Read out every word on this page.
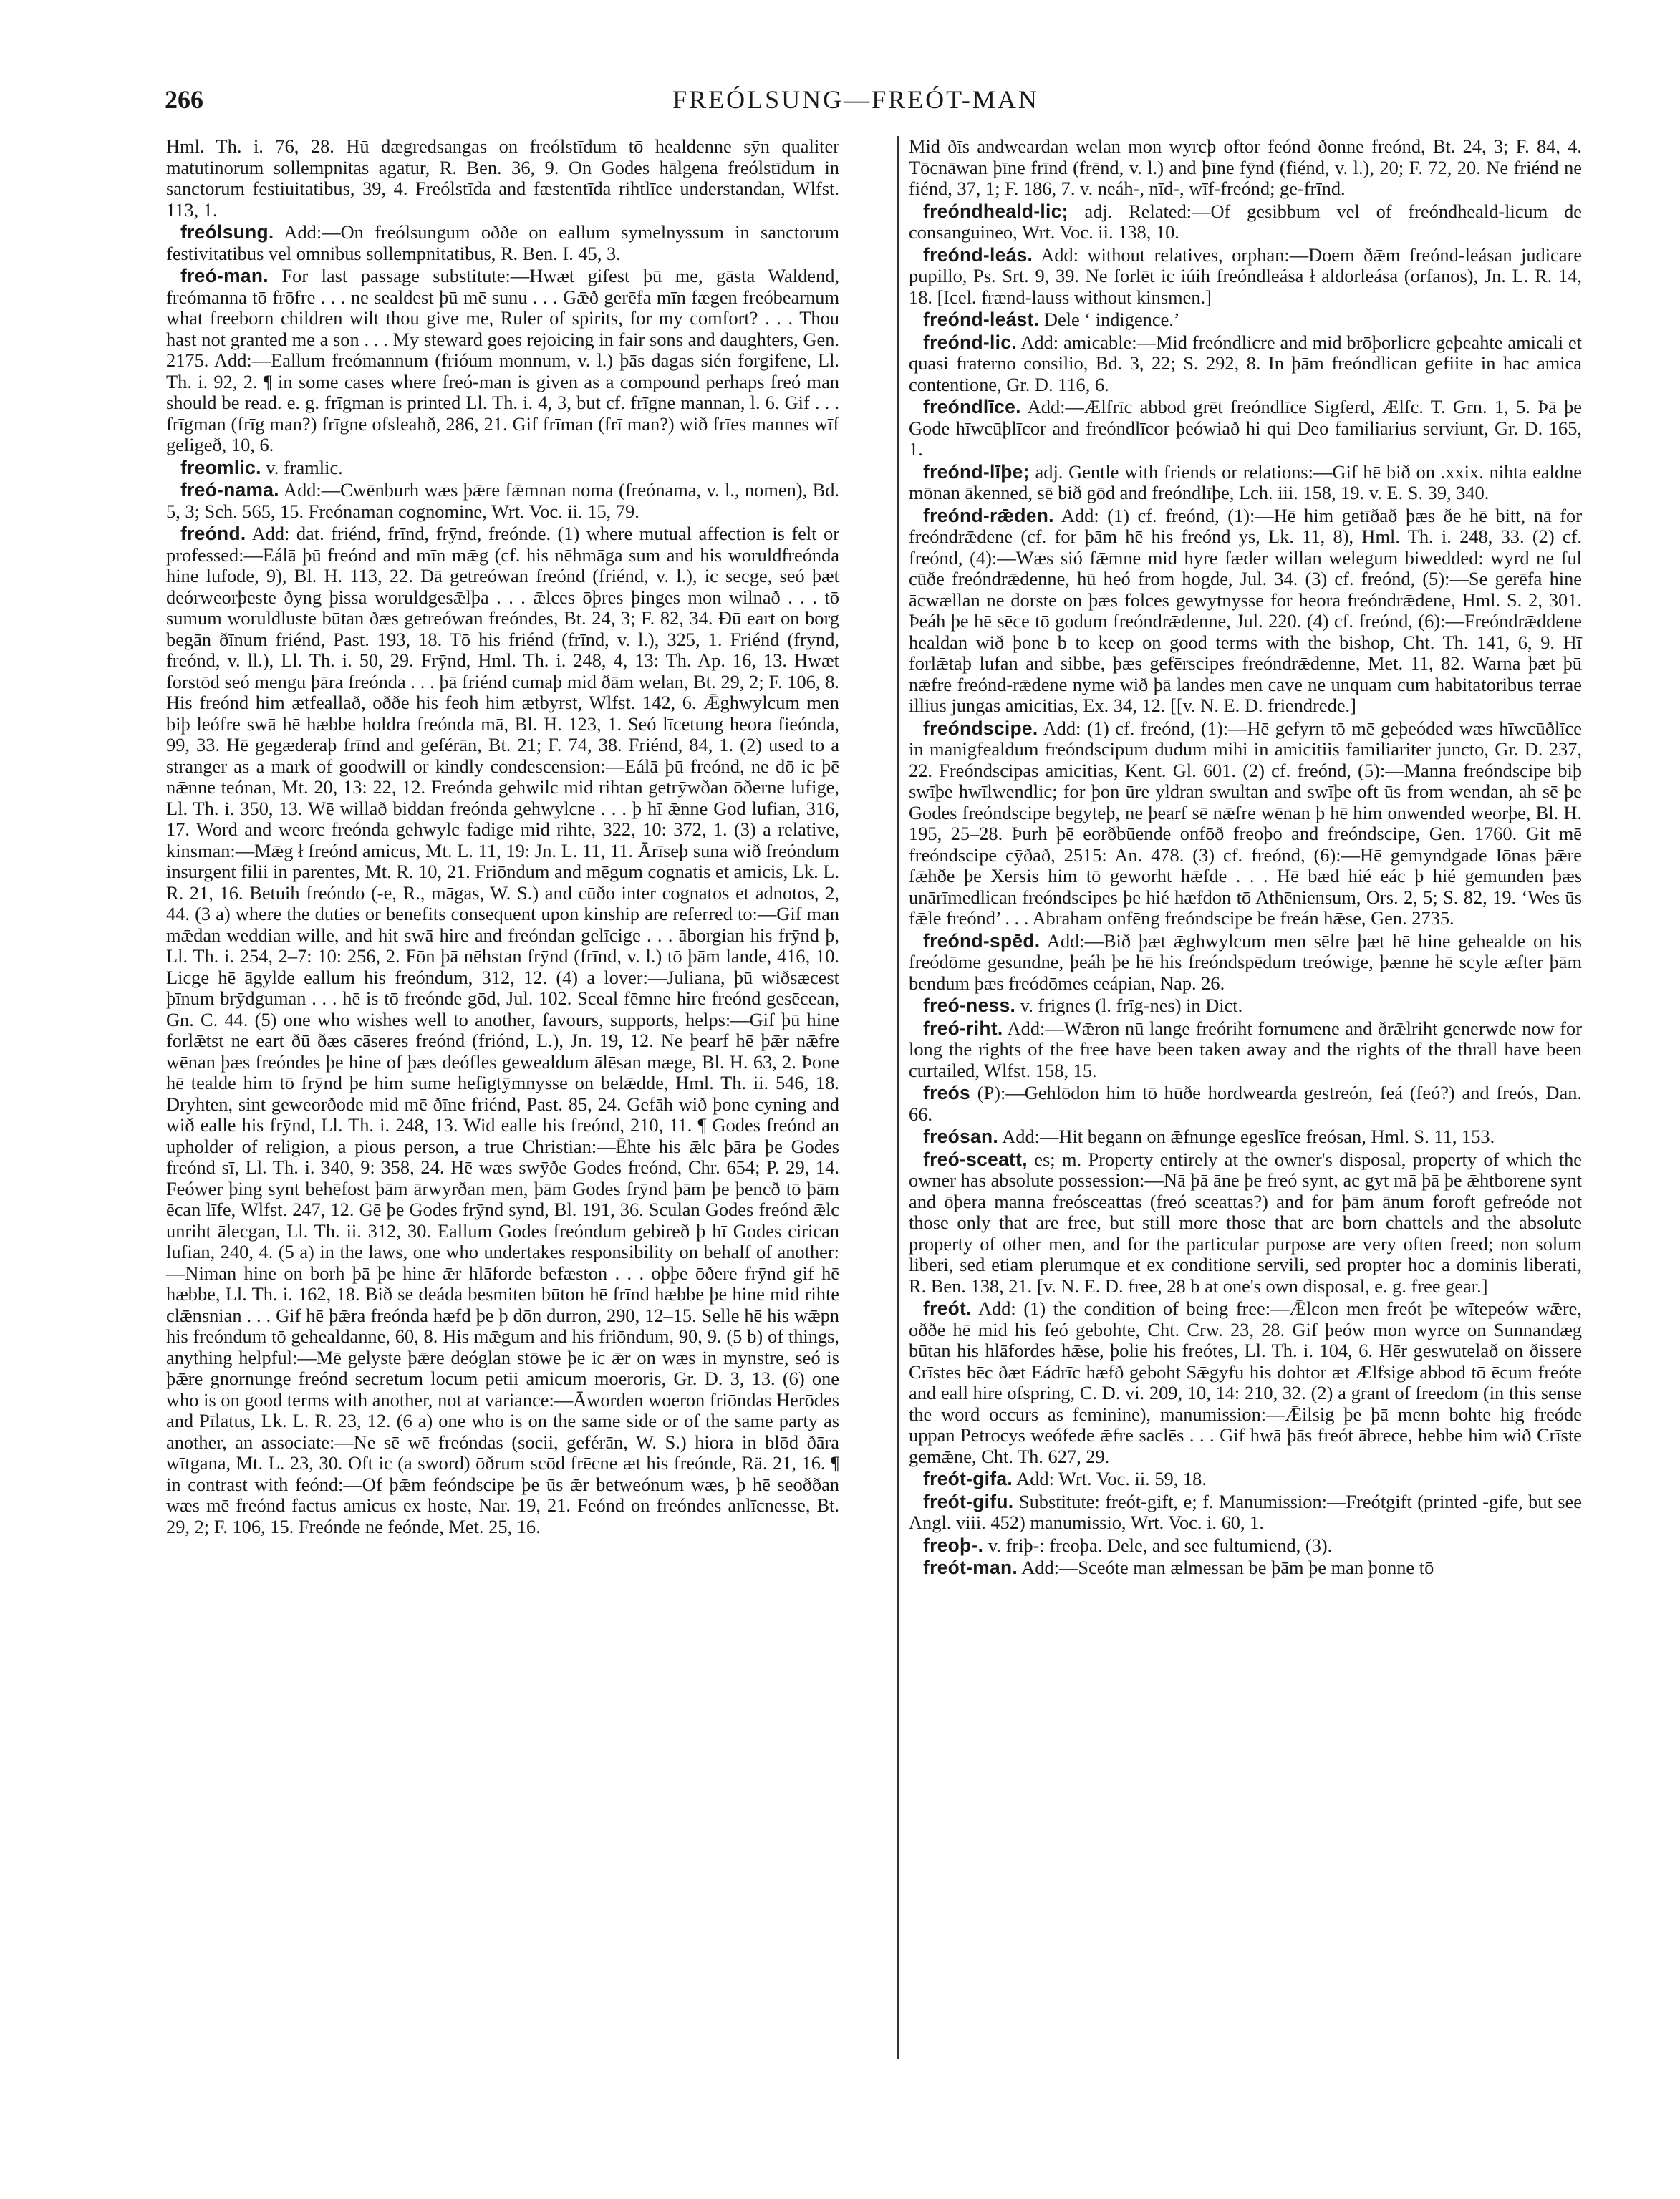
266	FREÓLSUNG—FREÓT-MAN

Hml. Th. i. 76, 28. Hū dægredsangas on freólstīdum tō healdenne sȳn qualiter matutinorum sollempnitas agatur, R. Ben. 36, 9. On Godes hālgena freólstīdum in sanctorum festiuitatibus, 39, 4. Freólstīda and fæstentīda rihtlīce understandan, Wlfst. 113, 1.

freólsung. Add:—On freólsungum oððe on eallum symelnyssum in sanctorum festivitatibus vel omnibus sollempnitatibus, R. Ben. I. 45, 3.

freó-man. For last passage substitute:—Hwæt gifest þū me, gāsta Waldend, freómanna tō frōfre . . . ne sealdest þū mē sunu . . . Gǣð gerēfa mīn fægen freóbearnum what freeborn children wilt thou give me, Ruler of spirits, for my comfort? . . . Thou hast not granted me a son . . . My steward goes rejoicing in fair sons and daughters, Gen. 2175. Add:—Eallum freómannum (frióum monnum, v. l.) þās dagas sién forgifene, Ll. Th. i. 92, 2. ¶ in some cases where freó-man is given as a compound perhaps freó man should be read. e. g. frīgman is printed Ll. Th. i. 4, 3, but cf. frīgne mannan, l. 6. Gif . . . frīgman (frīg man?) frīgne ofsleahð, 286, 21. Gif frīman (frī man?) wið frīes mannes wīf geligeð, 10, 6.

freomlic. v. framlic.

freó-nama. Add:—Cwēnburh wæs þǣre fǣmnan noma (freónama, v. l., nomen), Bd. 5, 3; Sch. 565, 15. Freónaman cognomine, Wrt. Voc. ii. 15, 79.

freónd. Add: dat. friénd, frīnd, frȳnd, freónde. (1) where mutual affection is felt or professed:—Eálā þū freónd and mīn mǣg (cf. his nēhmāga sum and his woruldfreónda hine lufode, 9), Bl. H. 113, 22. Ðā getreówan freónd (friénd, v. l.), ic secge, seó þæt deórweorþeste ðyng þissa woruldgesǣlþa . . . ǣlces ōþres þinges mon wilnað . . . tō sumum woruldluste būtan ðæs getreówan freóndes, Bt. 24, 3; F. 82, 34. Ðū eart on borg begān ðīnum friénd, Past. 193, 18. Tō his friénd (frīnd, v. l.), 325, 1. Friénd (frynd, freónd, v. ll.), Ll. Th. i. 50, 29. Frȳnd, Hml. Th. i. 248, 4, 13: Th. Ap. 16, 13. Hwæt forstōd seó mengu þāra freónda . . . þā friénd cumaþ mid ðām welan, Bt. 29, 2; F. 106, 8. His freónd him ætfeallað, oððe his feoh him ætbyrst, Wlfst. 142, 6. Ǣghwylcum men biþ leófre swā hē hæbbe holdra freónda mā, Bl. H. 123, 1. Seó līcetung heora fieónda, 99, 33. Hē gegæderaþ frīnd and geférān, Bt. 21; F. 74, 38. Friénd, 84, 1. (2) used to a stranger as a mark of goodwill or kindly condescension:—Eálā þū freónd, ne dō ic þē nǣnne teónan, Mt. 20, 13: 22, 12. Freónda gehwilc mid rihtan getrȳwðan ōðerne lufige, Ll. Th. i. 350, 13. Wē willað biddan freónda gehwylcne . . . þ hī ǣnne God lufian, 316, 17. Word and weorc freónda gehwylc fadige mid rihte, 322, 10: 372, 1. (3) a relative, kinsman:—Mǣg ł freónd amicus, Mt. L. 11, 19: Jn. L. 11, 11. Ārīseþ suna wið freóndum insurgent filii in parentes, Mt. R. 10, 21. Friōndum and mēgum cognatis et amicis, Lk. L. R. 21, 16. Betuih freóndo (-e, R., māgas, W. S.) and cūðo inter cognatos et adnotos, 2, 44. (3 a) where the duties or benefits consequent upon kinship are referred to:—Gif man mǣdan weddian wille, and hit swā hire and freóndan gelīcige . . . āborgian his frȳnd þ, Ll. Th. i. 254, 2–7: 10: 256, 2. Fōn þā nēhstan frȳnd (frīnd, v. l.) tō þām lande, 416, 10. Licge hē āgylde eallum his freóndum, 312, 12. (4) a lover:—Juliana, þū wiðsæcest þīnum brȳdguman . . . hē is tō freónde gōd, Jul. 102. Sceal fēmne hire freónd gesēcean, Gn. C. 44. (5) one who wishes well to another, favours, supports, helps:—Gif þū hine forlǣtst ne eart ðū ðæs cāseres freónd (friónd, L.), Jn. 19, 12. Ne þearf hē þǣr nǣfre wēnan þæs freóndes þe hine of þæs deófles gewealdum ālēsan mæge, Bl. H. 63, 2. Þone hē tealde him tō frȳnd þe him sume hefigtȳmnysse on belǣdde, Hml. Th. ii. 546, 18. Dryhten, sint geweorðode mid mē ðīne friénd, Past. 85, 24. Gefāh wið þone cyning and wið ealle his frȳnd, Ll. Th. i. 248, 13. Wid ealle his freónd, 210, 11. ¶ Godes freónd an upholder of religion, a pious person, a true Christian:—Ēhte his ǣlc þāra þe Godes freónd sī, Ll. Th. i. 340, 9: 358, 24. Hē wæs swȳðe Godes freónd, Chr. 654; P. 29, 14. Feówer þing synt behēfost þām ārwyrðan men, þām Godes frȳnd þām þe þencð tō þām ēcan līfe, Wlfst. 247, 12. Gē þe Godes frȳnd synd, Bl. 191, 36. Sculan Godes freónd ǣlc unriht ālecgan, Ll. Th. ii. 312, 30. Eallum Godes freóndum gebireð þ hī Godes cirican lufian, 240, 4. (5 a) in the laws, one who undertakes responsibility on behalf of another:—Niman hine on borh þā þe hine ǣr hlāforde befæston . . . oþþe ōðere frȳnd gif hē hæbbe, Ll. Th. i. 162, 18. Bið se deáda besmiten būton hē frīnd hæbbe þe hine mid rihte clǣnsnian . . . Gif hē þǣra freónda hæfd þe þ dōn durron, 290, 12–15. Selle hē his wǣpn his freóndum tō gehealdanne, 60, 8. His mǣgum and his friōndum, 90, 9. (5 b) of things, anything helpful:—Mē gelyste þǣre deóglan stōwe þe ic ǣr on wæs in mynstre, seó is þǣre gnornunge freónd secretum locum petii amicum moeroris, Gr. D. 3, 13. (6) one who is on good terms with another, not at variance:—Āworden woeron friōndas Herōdes and Pīlatus, Lk. L. R. 23, 12. (6 a) one who is on the same side or of the same party as another, an associate:—Ne sē wē freóndas (socii, geférān, W. S.) hiora in blōd ðāra wītgana, Mt. L. 23, 30. Oft ic (a sword) ōðrum scōd frēcne æt his freónde, Rä. 21, 16. ¶ in contrast with feónd:—Of þǣm feóndscipe þe ūs ǣr betweónum wæs, þ hē seoððan wæs mē freónd factus amicus ex hoste, Nar. 19, 21. Feónd on freóndes anlīcnesse, Bt. 29, 2; F. 106, 15. Freónde ne feónde, Met. 25, 16.

Mid ðīs andweardan welan mon wyrcþ oftor feónd ðonne freónd, Bt. 24, 3; F. 84, 4. Tōcnāwan þīne frīnd (frēnd, v. l.) and þīne fȳnd (fiénd, v. l.), 20; F. 72, 20. Ne friénd ne fiénd, 37, 1; F. 186, 7. v. neáh-, nīd-, wīf-freónd; ge-frīnd.

freóndheald-lic; adj. Related:—Of gesibbum vel of freóndheald-licum de consanguineo, Wrt. Voc. ii. 138, 10.

freónd-leás. Add: without relatives, orphan:—Doem ðǣm freónd-leásan judicare pupillo, Ps. Srt. 9, 39. Ne forlēt ic iúih freóndleása ł aldorleása (orfanos), Jn. L. R. 14, 18. [Icel. frænd-lauss without kinsmen.]

freónd-leást. Dele ‘ indigence.’

freónd-lic. Add: amicable:—Mid freóndlicre and mid brōþorlicre geþeahte amicali et quasi fraterno consilio, Bd. 3, 22; S. 292, 8. In þām freóndlican gefiite in hac amica contentione, Gr. D. 116, 6.

freóndlīce. Add:—Ælfrīc abbod grēt freóndlīce Sigferd, Ælfc. T. Grn. 1, 5. Þā þe Gode hīwcūþlīcor and freóndlīcor þeówiað hi qui Deo familiarius serviunt, Gr. D. 165, 1.

freónd-līþe; adj. Gentle with friends or relations:—Gif hē bið on .xxix. nihta ealdne mōnan ākenned, sē bið gōd and freóndlīþe, Lch. iii. 158, 19. v. E. S. 39, 340.

freónd-rǣden. Add: (1) cf. freónd, (1):—Hē him getīðað þæs ðe hē bitt, nā for freóndrǣdene (cf. for þām hē his freónd ys, Lk. 11, 8), Hml. Th. i. 248, 33. (2) cf. freónd, (4):—Wæs sió fǣmne mid hyre fæder willan welegum biwedded: wyrd ne ful cūðe freóndrǣdenne, hū heó from hogde, Jul. 34. (3) cf. freónd, (5):—Se gerēfa hine ācwællan ne dorste on þæs folces gewytnysse for heora freóndrǣdene, Hml. S. 2, 301. Þeáh þe hē sēce tō godum freóndrǣdenne, Jul. 220. (4) cf. freónd, (6):—Freóndrǣddene healdan wið þone b to keep on good terms with the bishop, Cht. Th. 141, 6, 9. Hī forlǣtaþ lufan and sibbe, þæs gefērscipes freóndrǣdenne, Met. 11, 82. Warna þæt þū nǣfre freónd-rǣdene nyme wið þā landes men cave ne unquam cum habitatoribus terrae illius jungas amicitias, Ex. 34, 12. [[v. N. E. D. friendrede.]

freóndscipe. Add: (1) cf. freónd, (1):—Hē gefyrn tō mē geþeóded wæs hīwcūðlīce in manigfealdum freóndscipum dudum mihi in amicitiis familiariter juncto, Gr. D. 237, 22. Freóndscipas amicitias, Kent. Gl. 601. (2) cf. freónd, (5):—Manna freóndscipe biþ swīþe hwīlwendlic; for þon ūre yldran swultan and swīþe oft ūs from wendan, ah sē þe Godes freóndscipe begyteþ, ne þearf sē nǣfre wēnan þ hē him onwended weorþe, Bl. H. 195, 25–28. Þurh þē eorðbūende onfōð freoþo and freóndscipe, Gen. 1760. Git mē freóndscipe cȳðað, 2515: An. 478. (3) cf. freónd, (6):—Hē gemyndgade Iōnas þǣre fǣhðe þe Xersis him tō geworht hǣfde . . . Hē bæd hié eác þ hié gemunden þæs unārīmedlican freóndscipes þe hié hæfdon tō Athēniensum, Ors. 2, 5; S. 82, 19. ‘Wes ūs fǣle freónd’ . . . Abraham onfēng freóndscipe be freán hǣse, Gen. 2735.

freónd-spēd. Add:—Bið þæt ǣghwylcum men sēlre þæt hē hine gehealde on his freódōme gesundne, þeáh þe hē his freóndspēdum treówige, þænne hē scyle æfter þām bendum þæs freódōmes ceápian, Nap. 26.

freó-ness. v. frignes (l. frīg-nes) in Dict.

freó-riht. Add:—Wǣron nū lange freóriht fornumene and ðrǣlriht generwde now for long the rights of the free have been taken away and the rights of the thrall have been curtailed, Wlfst. 158, 15.

freós (P):—Gehlōdon him tō hūðe hordwearda gestreón, feá (feó?) and freós, Dan. 66.

freósan. Add:—Hit begann on ǣfnunge egeslīce freósan, Hml. S. 11, 153.

freó-sceatt, es; m. Property entirely at the owner's disposal, property of which the owner has absolute possession:—Nā þā āne þe freó synt, ac gyt mā þā þe ǣhtborene synt and ōþera manna freósceattas (freó sceattas?) and for þām ānum foroft gefreóde not those only that are free, but still more those that are born chattels and the absolute property of other men, and for the particular purpose are very often freed; non solum liberi, sed etiam plerumque et ex conditione servili, sed propter hoc a dominis liberati, R. Ben. 138, 21. [v. N. E. D. free, 28 b at one's own disposal, e. g. free gear.]

freót. Add: (1) the condition of being free:—Ǣlcon men freót þe wītepeów wǣre, oððe hē mid his feó gebohte, Cht. Crw. 23, 28. Gif þeów mon wyrce on Sunnandæg būtan his hlāfordes hǣse, þolie his freótes, Ll. Th. i. 104, 6. Hēr geswutelað on ðissere Crīstes bēc ðæt Eádrīc hæfð geboht Sǣgyfu his dohtor æt Ælfsige abbod tō ēcum freóte and eall hire ofspring, C. D. vi. 209, 10, 14: 210, 32. (2) a grant of freedom (in this sense the word occurs as feminine), manumission:—Ǣilsig þe þā menn bohte hig freóde uppan Petrocys weófede ǣfre saclēs . . . Gif hwā þās freót ābrece, hebbe him wið Crīste gemǣne, Cht. Th. 627, 29.

freót-gifa. Add: Wrt. Voc. ii. 59, 18.

freót-gifu. Substitute: freót-gift, e; f. Manumission:—Freótgift (printed -gife, but see Angl. viii. 452) manumissio, Wrt. Voc. i. 60, 1.

freoþ-. v. friþ-: freoþa. Dele, and see fultumiend, (3).

freót-man. Add:—Sceóte man ælmessan be þām þe man þonne tō
